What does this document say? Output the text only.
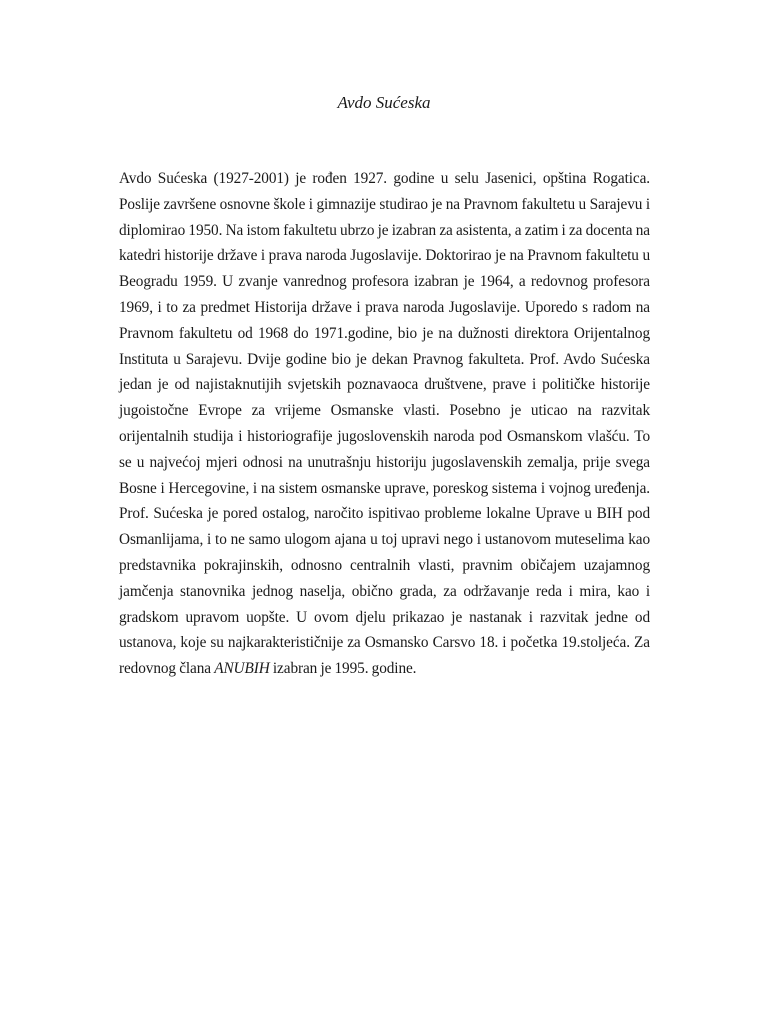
Avdo Sućeska

Avdo Sućeska (1927-2001) je rođen 1927. godine u selu Jasenici, opština Rogatica. Poslije završene osnovne škole i gimnazije studirao je na Pravnom fakultetu u Sarajevu i diplomirao 1950. Na istom fakultetu ubrzo je izabran za asistenta, a zatim i za docenta na katedri historije države i prava naroda Jugoslavije. Doktorirao je na Pravnom fakultetu u Beogradu 1959. U zvanje vanrednog profesora izabran je 1964, a redovnog profesora 1969, i to za predmet Historija države i prava naroda Jugoslavije. Uporedo s radom na Pravnom fakultetu od 1968 do 1971.godine, bio je na dužnosti direktora Orijentalnog Instituta u Sarajevu. Dvije godine bio je dekan Pravnog fakulteta. Prof. Avdo Sućeska jedan je od najistaknutijih svjetskih poznavaoca društvene, prave i političke historije jugoistočne Evrope za vrijeme Osmanske vlasti. Posebno je uticao na razvitak orijentalnih studija i historiografije jugoslovenskih naroda pod Osmanskom vlašću. To se u najvećoj mjeri odnosi na unutrašnju historiju jugoslavenskih zemalja, prije svega Bosne i Hercegovine, i na sistem osmanske uprave, poreskog sistema i vojnog uređenja. Prof. Sućeska je pored ostalog, naročito ispitivao probleme lokalne Uprave u BIH pod Osmanlijama, i to ne samo ulogom ajana u toj upravi nego i ustanovom muteselima kao predstavnika pokrajinskih, odnosno centralnih vlasti, pravnim običajem uzajamnog jamčenja stanovnika jednog naselja, obično grada, za održavanje reda i mira, kao i gradskom upravom uopšte. U ovom djelu prikazao je nastanak i razvitak jedne od ustanova, koje su najkarakterističnije za Osmansko Carsvo 18. i početka 19.stoljeća. Za redovnog člana ANUBIH izabran je 1995. godine.
